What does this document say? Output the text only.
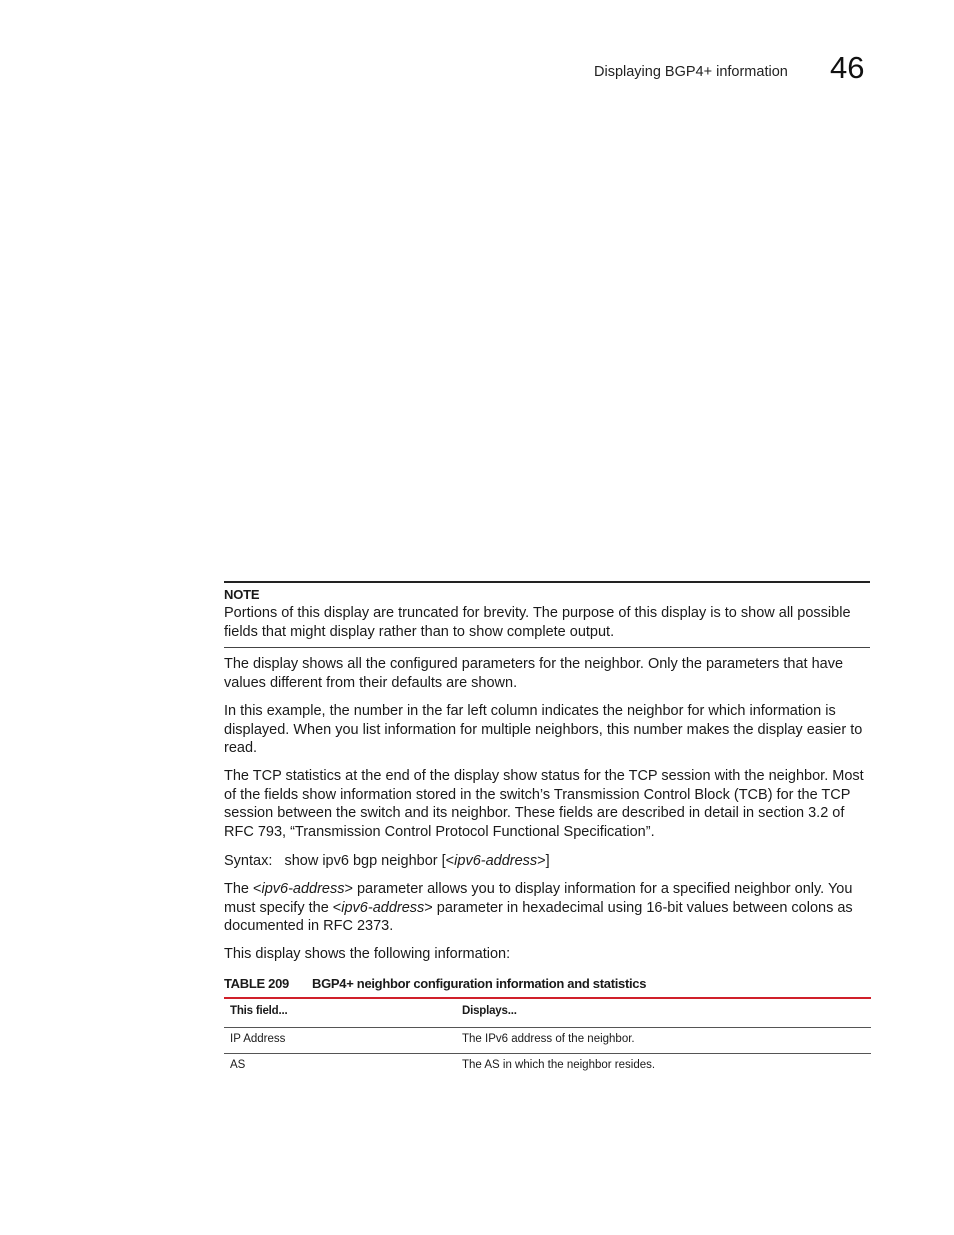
Displaying BGP4+ information 46
NOTE
Portions of this display are truncated for brevity. The purpose of this display is to show all possible fields that might display rather than to show complete output.

The display shows all the configured parameters for the neighbor. Only the parameters that have values different from their defaults are shown.

In this example, the number in the far left column indicates the neighbor for which information is displayed. When you list information for multiple neighbors, this number makes the display easier to read.

The TCP statistics at the end of the display show status for the TCP session with the neighbor. Most of the fields show information stored in the switch’s Transmission Control Block (TCB) for the TCP session between the switch and its neighbor. These fields are described in detail in section 3.2 of RFC 793, “Transmission Control Protocol Functional Specification”.

Syntax: show ipv6 bgp neighbor [<ipv6-address>]

The <ipv6-address> parameter allows you to display information for a specified neighbor only. You must specify the <ipv6-address> parameter in hexadecimal using 16-bit values between colons as documented in RFC 2373.

This display shows the following information:

TABLE 209 BGP4+ neighbor configuration information and statistics
This field...	Displays...
IP Address	The IPv6 address of the neighbor.
AS	The AS in which the neighbor resides.
